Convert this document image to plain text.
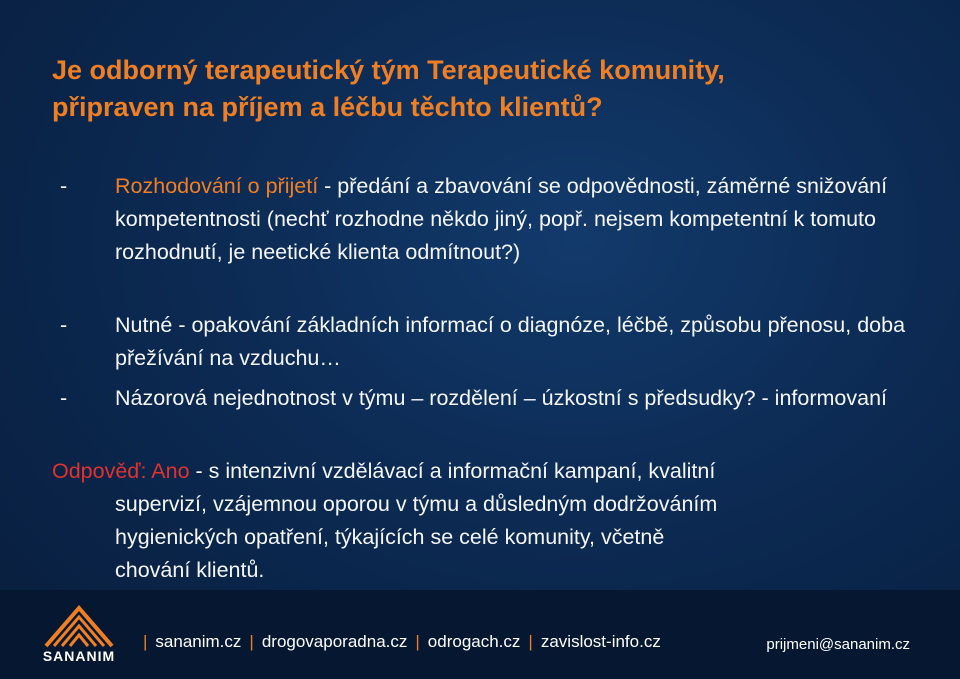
Je odborný terapeutický tým Terapeutické komunity,
připraven na příjem a léčbu těchto klientů?
- Rozhodování o přijetí - předání a zbavování se odpovědnosti, záměrné snižování kompetentnosti (nechť rozhodne někdo jiný, popř. nejsem kompetentní k tomuto rozhodnutí, je neetické klienta odmítnout?)
- Nutné - opakování základních informací o diagnóze, léčbě, způsobu přenosu, doba přežívání na vzduchu…
- Názorová nejednotnost v týmu – rozdělení – úzkostní s předsudky? - informovaní
Odpověď: Ano - s intenzivní vzdělávací a informační kampaní, kvalitní
supervizí, vzájemnou oporou v týmu a důsledným dodržováním
hygienických opatření, týkajících se celé komunity, včetně
chování klientů.
SANANIM
| sananim.cz | drogovaporadna.cz | odrogach.cz | zavislost-info.cz	prijmeni@sananim.cz
